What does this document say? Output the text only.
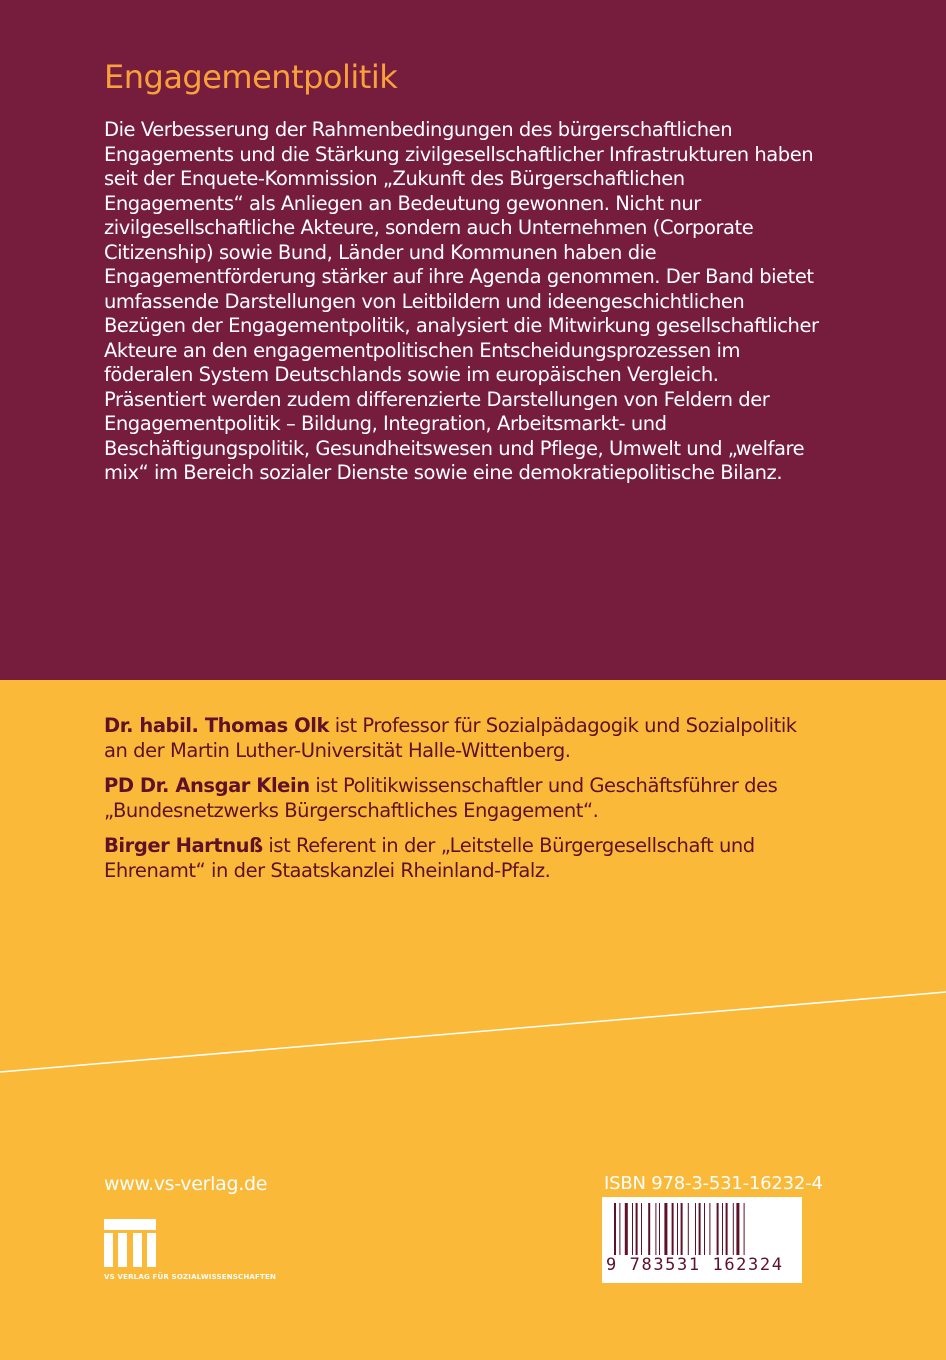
Engagementpolitik

Die Verbesserung der Rahmenbedingungen des bürgerschaftlichen Engagements und die Stärkung zivilgesellschaftlicher Infrastrukturen haben seit der Enquete-Kommission „Zukunft des Bürgerschaftlichen Engagements“ als Anliegen an Bedeutung gewonnen. Nicht nur zivilgesellschaftliche Akteure, sondern auch Unternehmen (Corporate Citizenship) sowie Bund, Länder und Kommunen haben die Engagementförderung stärker auf ihre Agenda genommen. Der Band bietet umfassende Darstellungen von Leitbildern und ideengeschichtlichen Bezügen der Engagementpolitik, analysiert die Mitwirkung gesellschaftlicher Akteure an den engagementpolitischen Entscheidungsprozessen im föderalen System Deutschlands sowie im europäischen Vergleich. Präsentiert werden zudem differenzierte Darstellungen von Feldern der Engagementpolitik – Bildung, Integration, Arbeitsmarkt- und Beschäftigungspolitik, Gesundheitswesen und Pflege, Umwelt und „welfare mix“ im Bereich sozialer Dienste sowie eine demokratiepolitische Bilanz.

Dr. habil. Thomas Olk ist Professor für Sozialpädagogik und Sozialpolitik an der Martin Luther-Universität Halle-Wittenberg.

PD Dr. Ansgar Klein ist Politikwissenschaftler und Geschäftsführer des „Bundesnetzwerks Bürgerschaftliches Engagement“.

Birger Hartnuß ist Referent in der „Leitstelle Bürgergesellschaft und Ehrenamt“ in der Staatskanzlei Rheinland-Pfalz.

www.vs-verlag.de
VS VERLAG FÜR SOZIALWISSENSCHAFTEN
ISBN 978-3-531-16232-4
9 783531 162324
